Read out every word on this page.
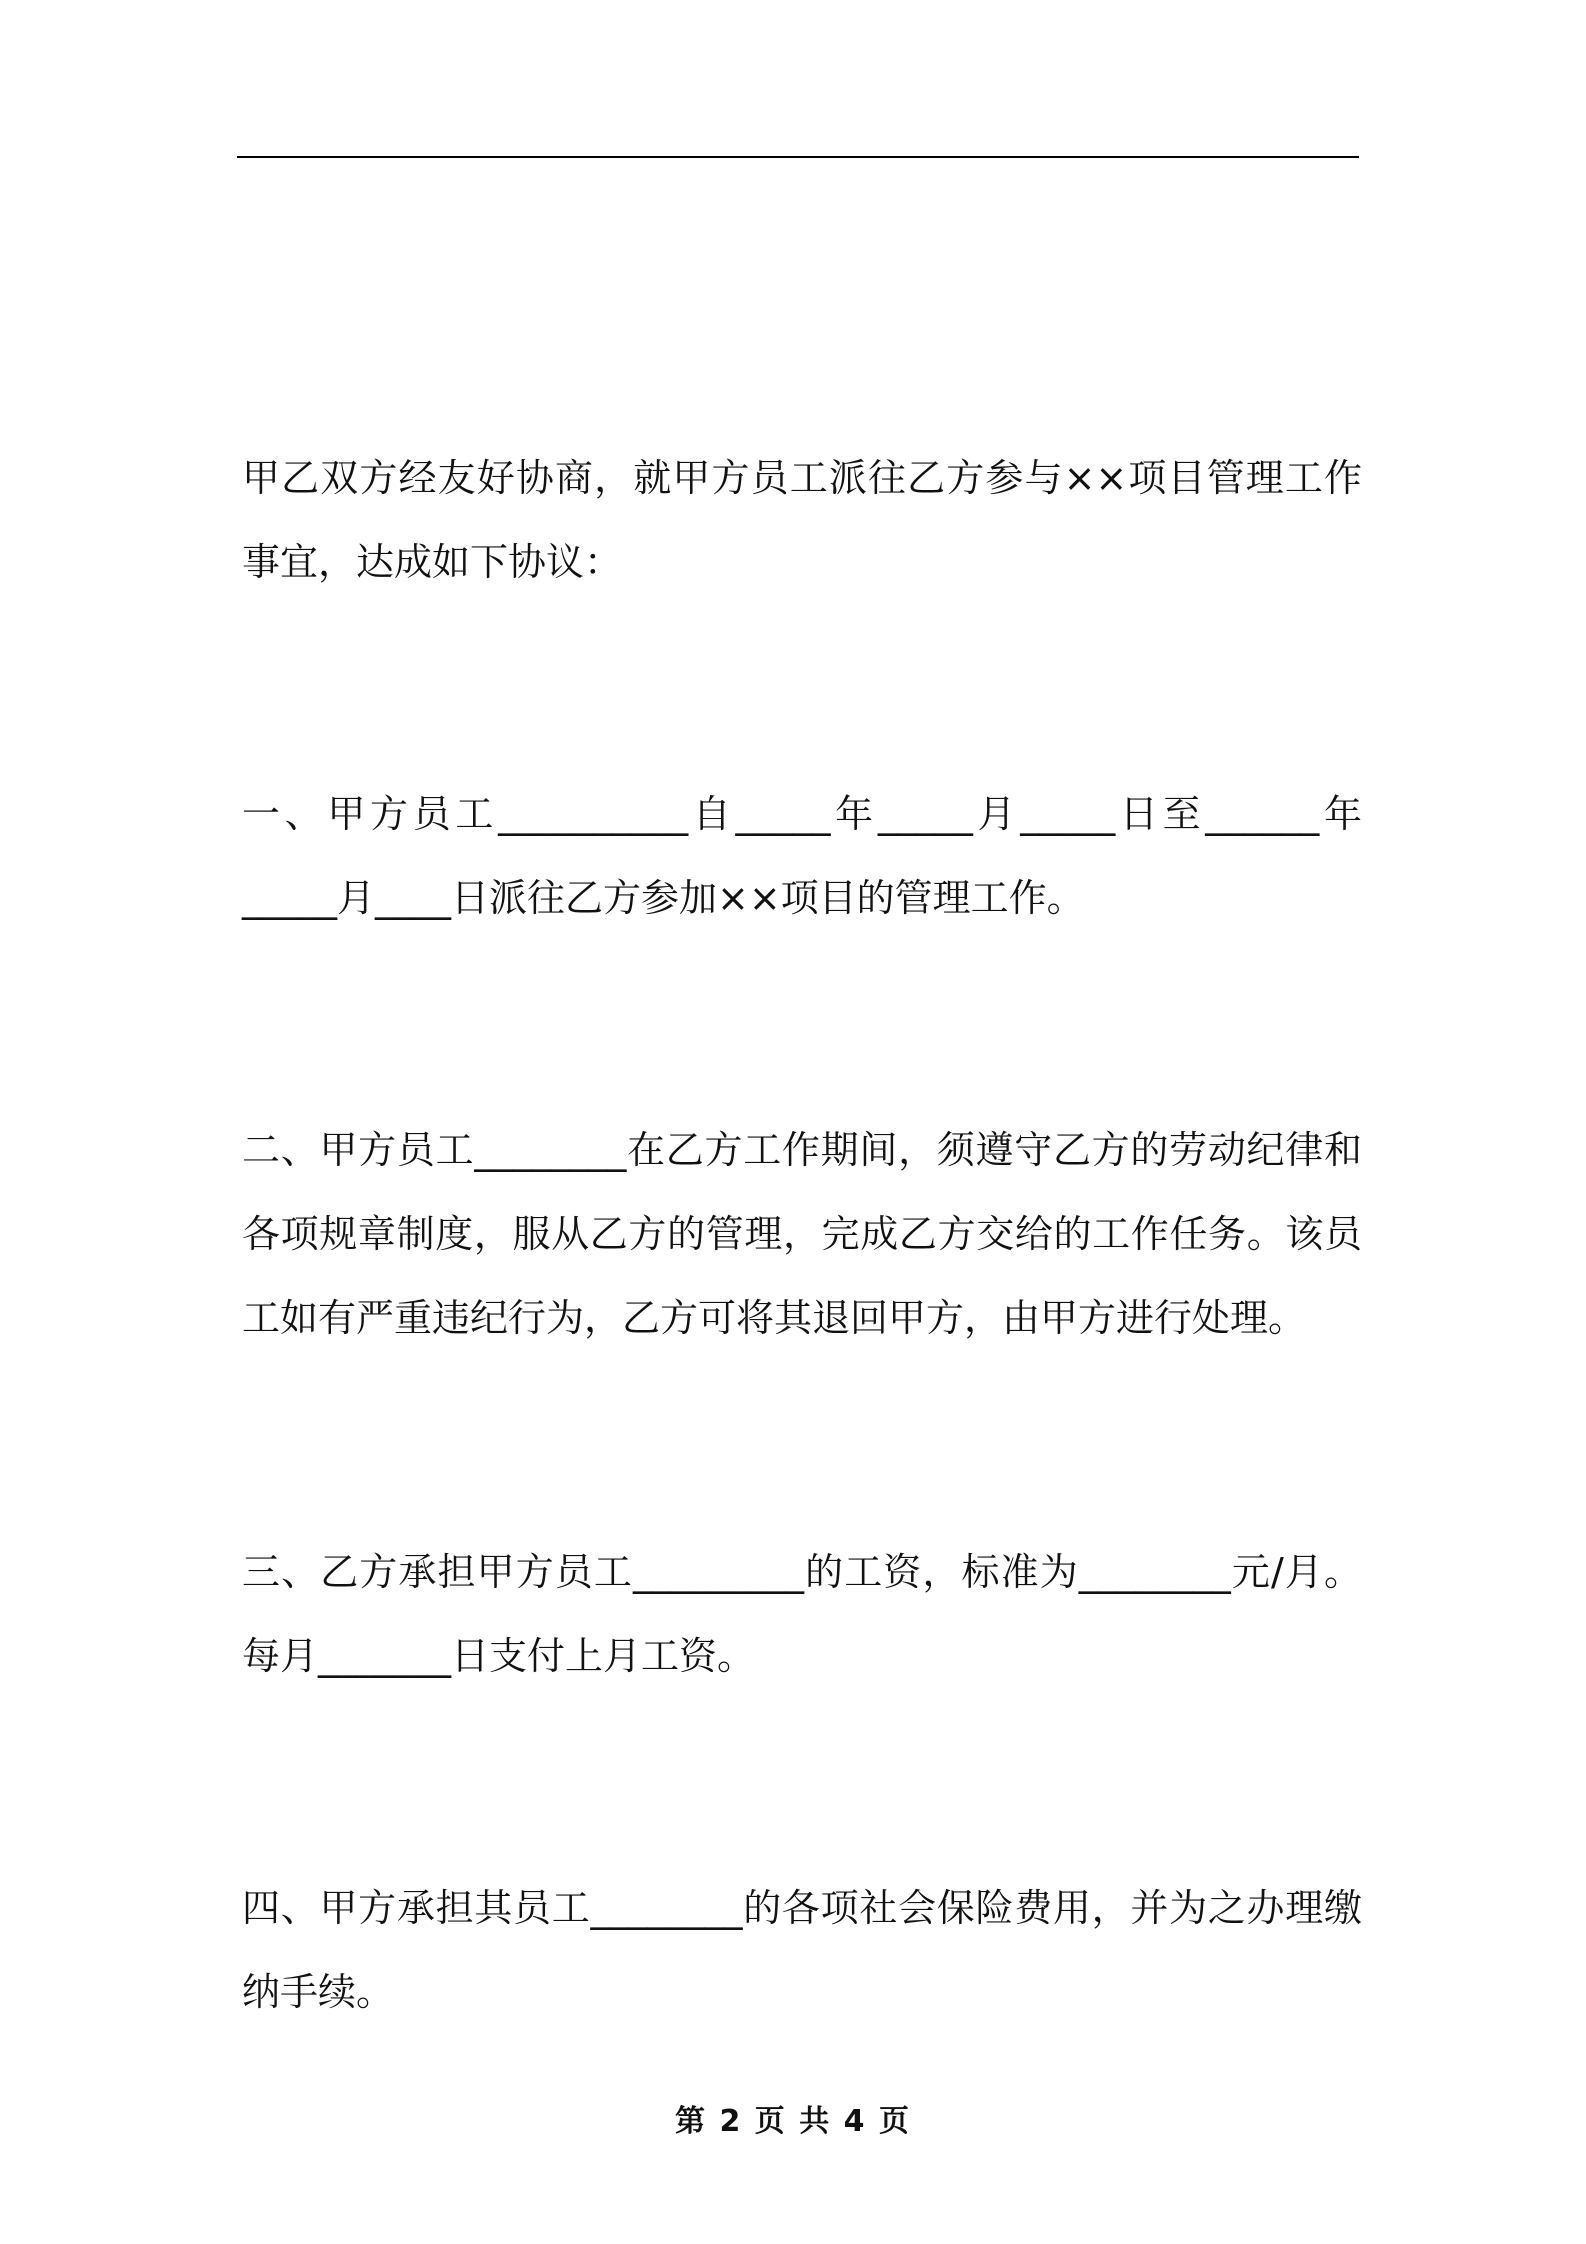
甲乙双方经友好协商，就甲方员工派往乙方参与××项目管理工作事宜，达成如下协议：

一、甲方员工__________自_____年_____月_____日至______年_____月____日派往乙方参加××项目的管理工作。

二、甲方员工________在乙方工作期间，须遵守乙方的劳动纪律和各项规章制度，服从乙方的管理，完成乙方交给的工作任务。该员工如有严重违纪行为，乙方可将其退回甲方，由甲方进行处理。

三、乙方承担甲方员工_________的工资，标准为________元/月。每月_______日支付上月工资。

四、甲方承担其员工________的各项社会保险费用，并为之办理缴纳手续。

第 2 页 共 4 页
